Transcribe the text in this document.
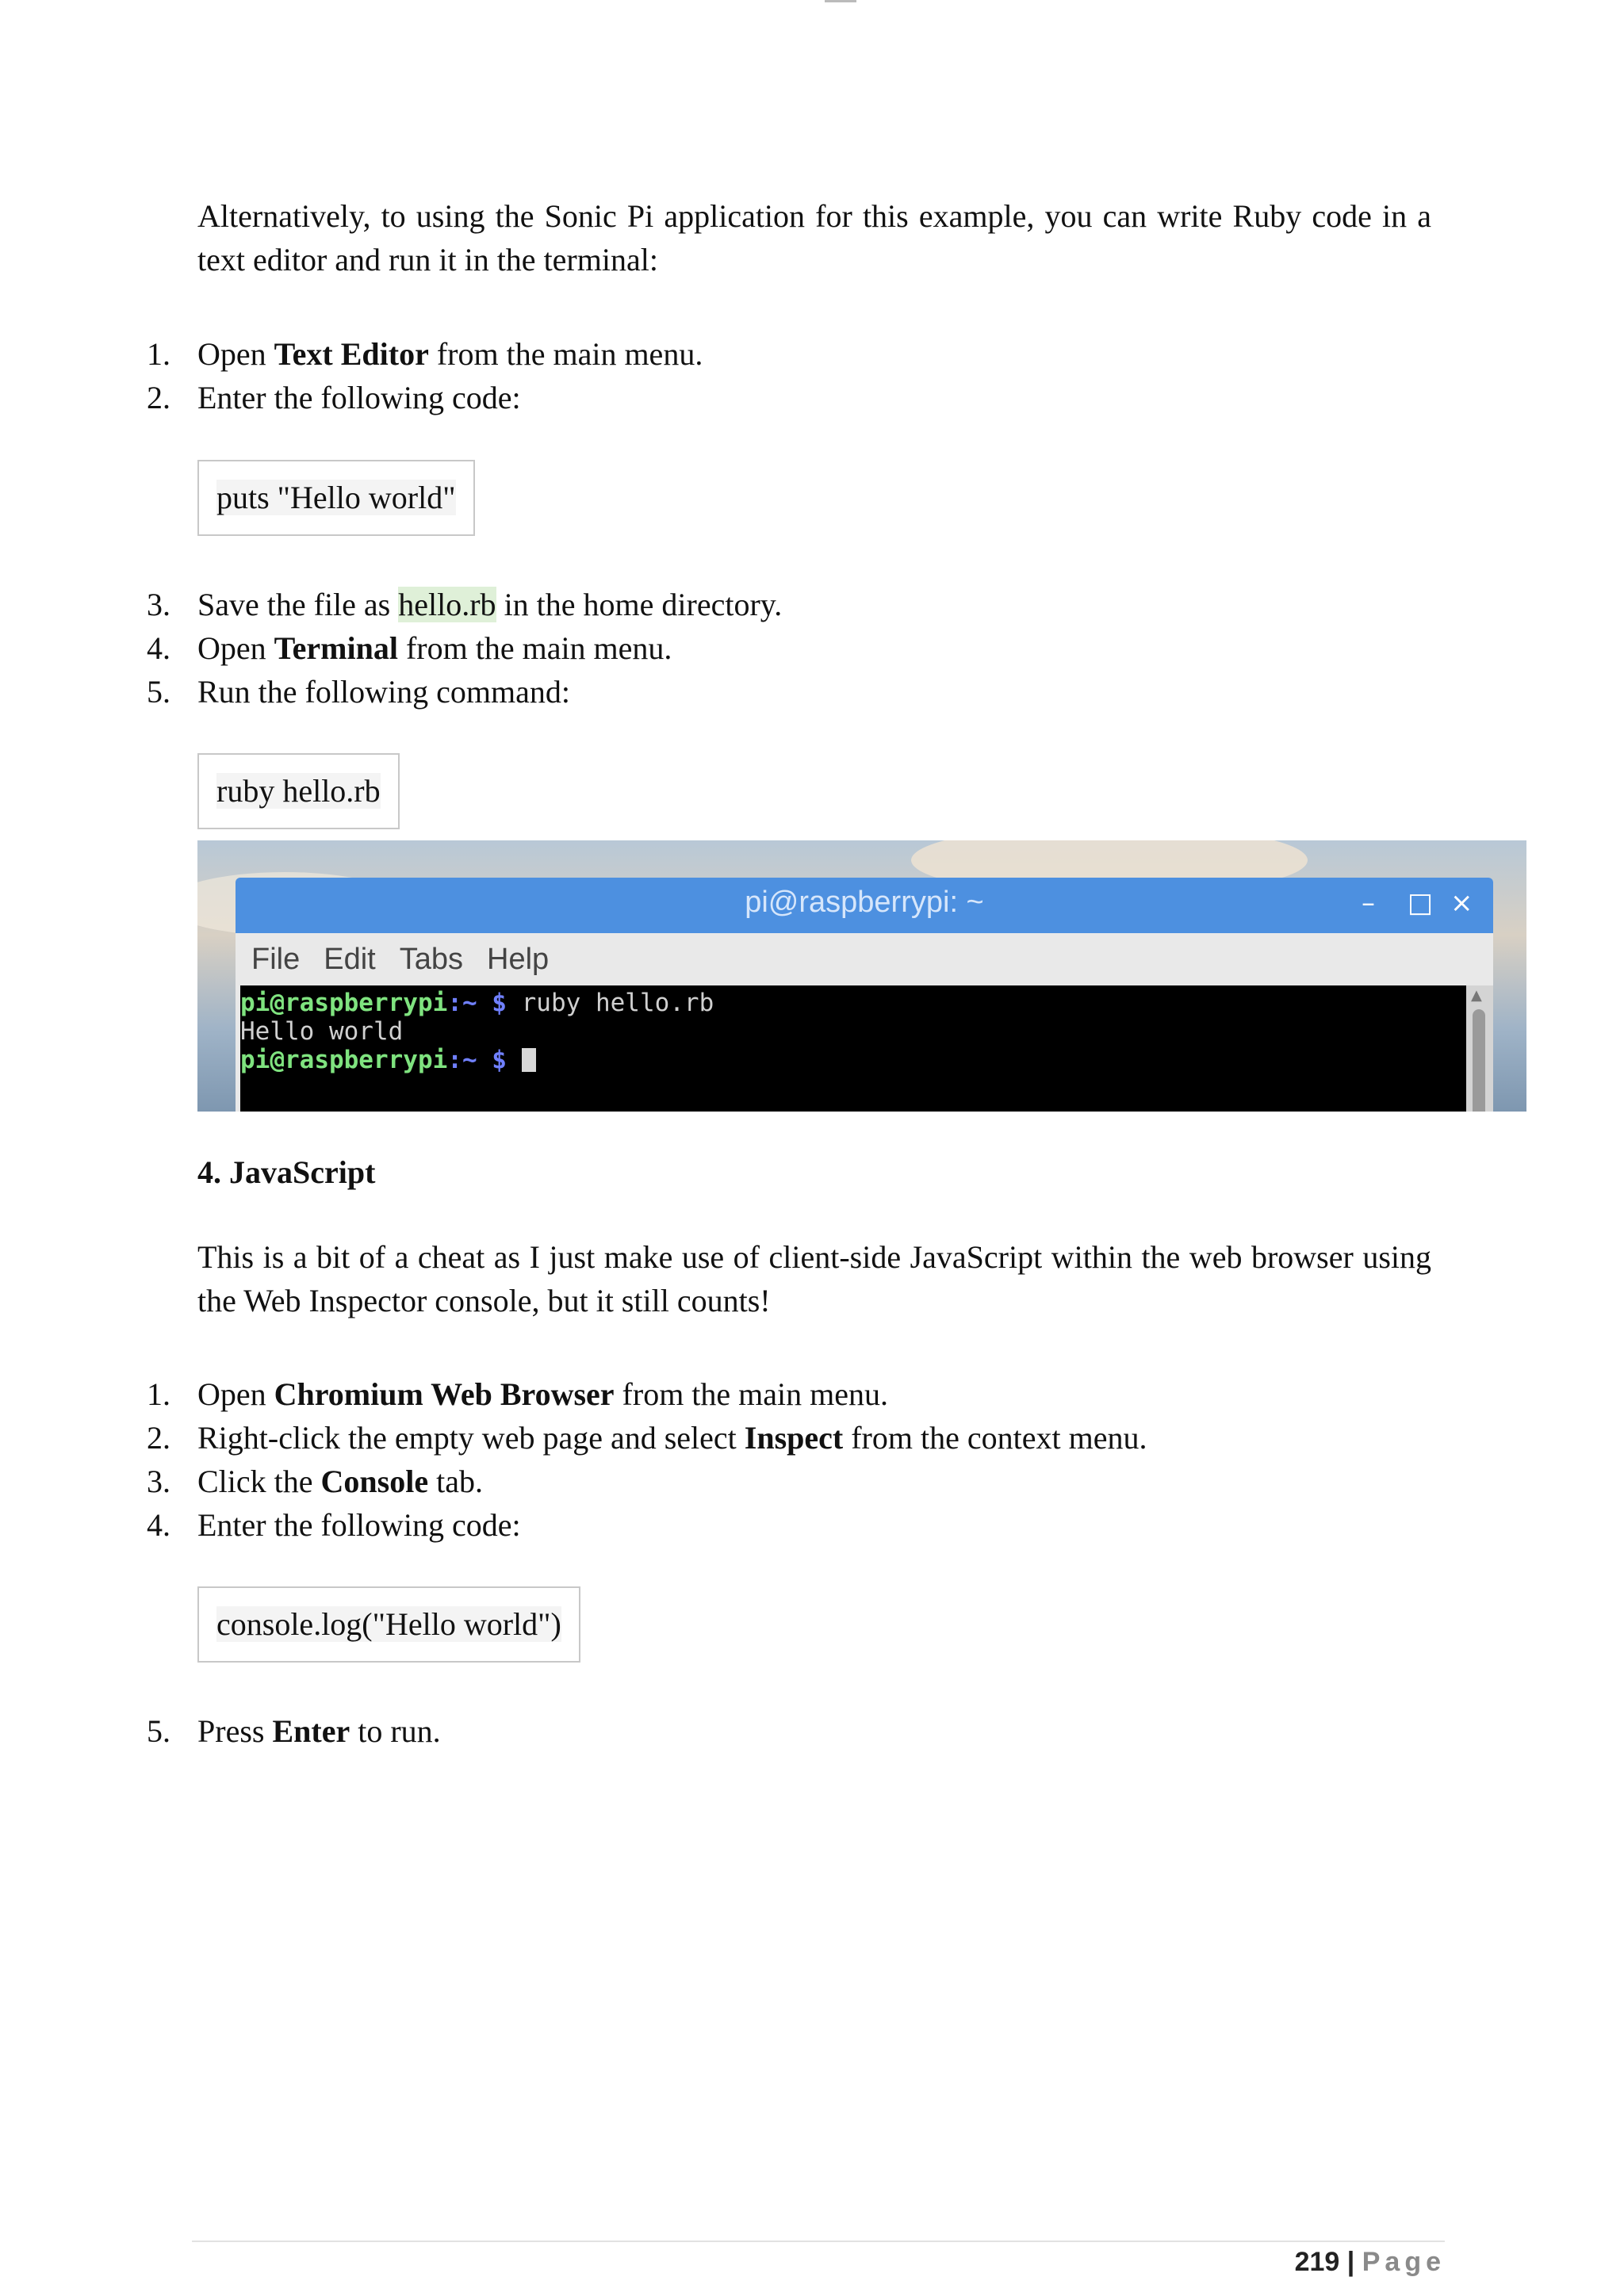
Alternatively, to using the Sonic Pi application for this example, you can write Ruby code in a text editor and run it in the terminal:

1. Open Text Editor from the main menu.
2. Enter the following code:
puts "Hello world"
3. Save the file as hello.rb in the home directory.
4. Open Terminal from the main menu.
5. Run the following command:
ruby hello.rb
pi@raspberrypi: ~	– □ ×
File Edit Tabs Help
pi@raspberrypi:~ $ ruby hello.rb
Hello world
pi@raspberrypi:~ $
▲
4. JavaScript

This is a bit of a cheat as I just make use of client-side JavaScript within the web browser using the Web Inspector console, but it still counts!

1. Open Chromium Web Browser from the main menu.
2. Right-click the empty web page and select Inspect from the context menu.
3. Click the Console tab.
4. Enter the following code:
console.log("Hello world")
5. Press Enter to run.
219 | Page
